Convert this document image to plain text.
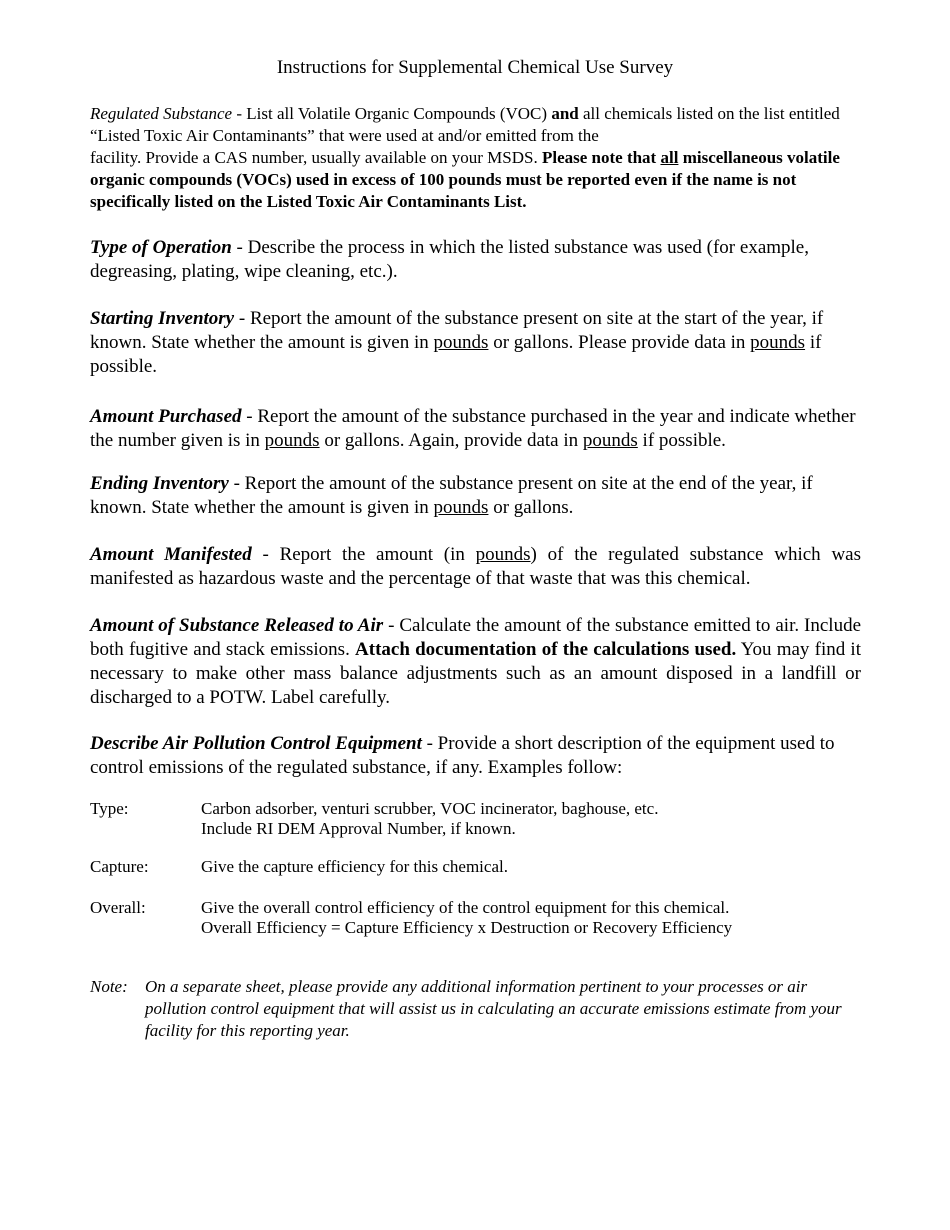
Instructions for Supplemental Chemical Use Survey
Regulated Substance - List all Volatile Organic Compounds (VOC) and all chemicals listed on the list entitled “Listed Toxic Air Contaminants” that were used at and/or emitted from the
facility. Provide a CAS number, usually available on your MSDS. Please note that all miscellaneous volatile organic compounds (VOCs) used in excess of 100 pounds must be reported even if the name is not specifically listed on the Listed Toxic Air Contaminants List.
Type of Operation - Describe the process in which the listed substance was used (for example, degreasing, plating, wipe cleaning, etc.).
Starting Inventory - Report the amount of the substance present on site at the start of the year, if known. State whether the amount is given in pounds or gallons. Please provide data in pounds if possible.
Amount Purchased - Report the amount of the substance purchased in the year and indicate whether the number given is in pounds or gallons. Again, provide data in pounds if possible.
Ending Inventory - Report the amount of the substance present on site at the end of the year, if known. State whether the amount is given in pounds or gallons.
Amount Manifested - Report the amount (in pounds) of the regulated substance which was manifested as hazardous waste and the percentage of that waste that was this chemical.
Amount of Substance Released to Air - Calculate the amount of the substance emitted to air. Include both fugitive and stack emissions. Attach documentation of the calculations used. You may find it necessary to make other mass balance adjustments such as an amount disposed in a landfill or discharged to a POTW. Label carefully.
Describe Air Pollution Control Equipment - Provide a short description of the equipment used to control emissions of the regulated substance, if any. Examples follow:
Type:	Carbon adsorber, venturi scrubber, VOC incinerator, baghouse, etc.
Include RI DEM Approval Number, if known.
Capture:	Give the capture efficiency for this chemical.
Overall:	Give the overall control efficiency of the control equipment for this chemical.
Overall Efficiency = Capture Efficiency x Destruction or Recovery Efficiency
Note: On a separate sheet, please provide any additional information pertinent to your processes or air pollution control equipment that will assist us in calculating an accurate emissions estimate from your facility for this reporting year.
